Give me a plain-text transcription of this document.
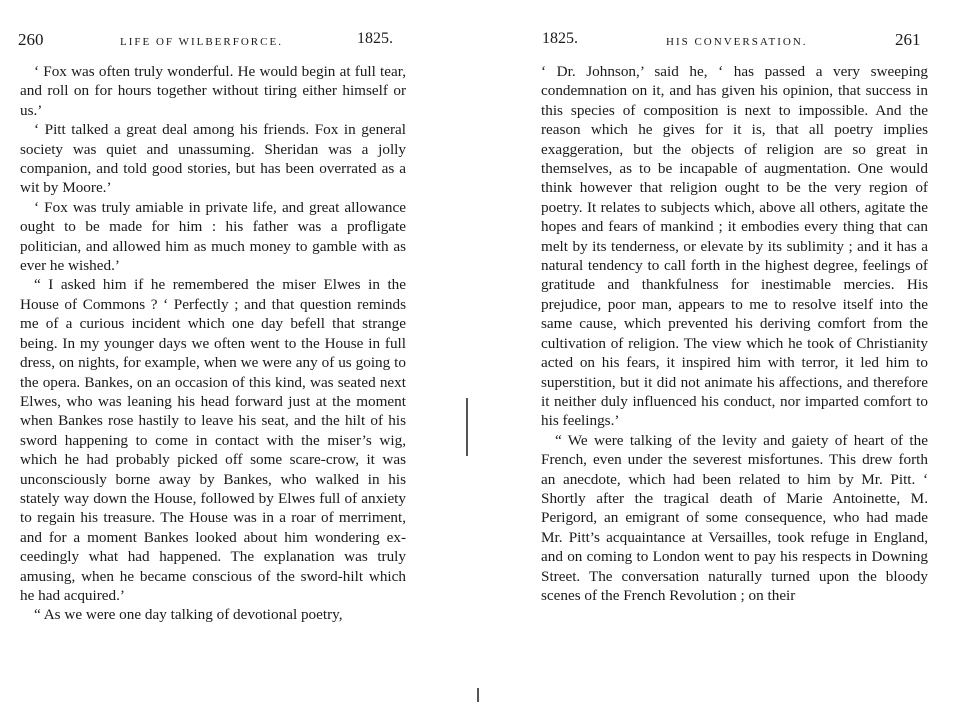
260	LIFE OF WILBERFORCE.	1825.

‘ Fox was often truly wonderful. He would begin at full tear, and roll on for hours together without tiring either himself or us.’

‘ Pitt talked a great deal among his friends. Fox in general society was quiet and unassuming. Sheridan was a jolly companion, and told good stories, but has been overrated as a wit by Moore.’

‘ Fox was truly amiable in private life, and great allowance ought to be made for him : his father was a profligate politician, and allowed him as much money to gamble with as ever he wished.’

“ I asked him if he remembered the miser Elwes in the House of Commons ? ‘ Perfectly ; and that question reminds me of a curious incident which one day befell that strange being. In my younger days we often went to the House in full dress, on nights, for example, when we were any of us going to the opera. Bankes, on an occasion of this kind, was seated next Elwes, who was leaning his head forward just at the moment when Bankes rose hastily to leave his seat, and the hilt of his sword happening to come in contact with the miser’s wig, which he had probably picked off some scare-crow, it was unconsciously borne away by Bankes, who walked in his stately way down the House, followed by Elwes full of anxiety to regain his treasure. The House was in a roar of merriment, and for a moment Bankes looked about him wondering exceedingly what had happened. The explanation was truly amusing, when he became conscious of the sword-hilt which he had acquired.’

“ As we were one day talking of devotional poetry,

1825.	HIS CONVERSATION.	261

‘ Dr. Johnson,’ said he, ‘ has passed a very sweeping condemnation on it, and has given his opinion, that success in this species of composition is next to impossible. And the reason which he gives for it is, that all poetry implies exaggeration, but the objects of religion are so great in themselves, as to be incapable of augmentation. One would think however that religion ought to be the very region of poetry. It relates to subjects which, above all others, agitate the hopes and fears of mankind ; it embodies every thing that can melt by its tenderness, or elevate by its sublimity ; and it has a natural tendency to call forth in the highest degree, feelings of gratitude and thankfulness for inestimable mercies. His prejudice, poor man, appears to me to resolve itself into the same cause, which prevented his deriving comfort from the cultivation of religion. The view which he took of Christianity acted on his fears, it inspired him with terror, it led him to superstition, but it did not animate his affections, and therefore it neither duly influenced his conduct, nor imparted comfort to his feelings.’

“ We were talking of the levity and gaiety of heart of the French, even under the severest misfortunes. This drew forth an anecdote, which had been related to him by Mr. Pitt. ‘ Shortly after the tragical death of Marie Antoinette, M. Perigord, an emigrant of some consequence, who had made Mr. Pitt’s acquaintance at Versailles, took refuge in England, and on coming to London went to pay his respects in Downing Street. The conversation naturally turned upon the bloody scenes of the French Revolution ; on their
